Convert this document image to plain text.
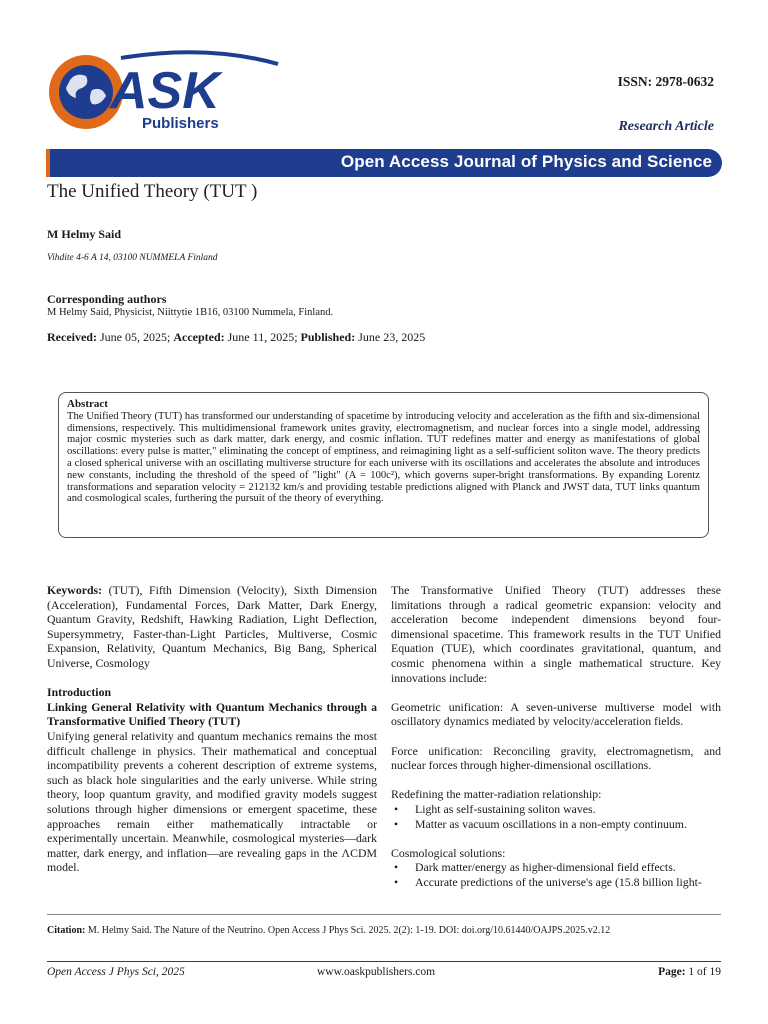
ASK
Publishers
ISSN: 2978-0632
Research Article
Open Access Journal of Physics and Science
The Unified Theory (TUT )
M Helmy Said
Vihdite 4-6 A 14, 03100 NUMMELA Finland
Corresponding authors
M Helmy Said, Physicist, Niittytie 1B16, 03100 Nummela, Finland.
Received: June 05, 2025; Accepted: June 11, 2025; Published: June 23, 2025
Abstract
The Unified Theory (TUT) has transformed our understanding of spacetime by introducing velocity and acceleration as the fifth and six-dimensional dimensions, respectively. This multidimensional framework unites gravity, electromagnetism, and nuclear forces into a single model, addressing major cosmic mysteries such as dark matter, dark energy, and cosmic inflation. TUT redefines matter and energy as manifestations of global oscillations: every pulse is matter," eliminating the concept of emptiness, and reimagining light as a self-sufficient soliton wave. The theory predicts a closed spherical universe with an oscillating multiverse structure for each universe with its oscillations and accelerates the absolute and introduces new constants, including the threshold of the speed of "light" (A = 100c²), which governs super-bright transformations. By expanding Lorentz transformations and separation velocity = 212132 km/s and providing testable predictions aligned with Planck and JWST data, TUT links quantum and cosmological scales, furthering the pursuit of the theory of everything.

Keywords: (TUT), Fifth Dimension (Velocity), Sixth Dimension (Acceleration), Fundamental Forces, Dark Matter, Dark Energy, Quantum Gravity, Redshift, Hawking Radiation, Light Deflection, Supersymmetry, Faster-than-Light Particles, Multiverse, Cosmic Expansion, Relativity, Quantum Mechanics, Big Bang, Spherical Universe, Cosmology

Introduction
Linking General Relativity with Quantum Mechanics through a Transformative Unified Theory (TUT)

Unifying general relativity and quantum mechanics remains the most difficult challenge in physics. Their mathematical and conceptual incompatibility prevents a coherent description of extreme systems, such as black hole singularities and the early universe. While string theory, loop quantum gravity, and modified gravity models suggest solutions through higher dimensions or emergent spacetime, these approaches remain either mathematically intractable or experimentally uncertain. Meanwhile, cosmological mysteries—dark matter, dark energy, and inflation—are revealing gaps in the ΛCDM model.

The Transformative Unified Theory (TUT) addresses these limitations through a radical geometric expansion: velocity and acceleration become independent dimensions beyond four-dimensional spacetime. This framework results in the TUT Unified Equation (TUE), which coordinates gravitational, quantum, and cosmic phenomena within a single mathematical structure. Key innovations include:

Geometric unification: A seven-universe multiverse model with oscillatory dynamics mediated by velocity/acceleration fields.

Force unification: Reconciling gravity, electromagnetism, and nuclear forces through higher-dimensional oscillations.

Redefining the matter-radiation relationship:

• Light as self-sustaining soliton waves.
• Matter as vacuum oscillations in a non-empty continuum.

Cosmological solutions:

• Dark matter/energy as higher-dimensional field effects.
• Accurate predictions of the universe's age (15.8 billion light-
Citation: M. Helmy Said. The Nature of the Neutrino. Open Access J Phys Sci. 2025. 2(2): 1-19. DOI: doi.org/10.61440/OAJPS.2025.v2.12
Open Access J Phys Sci, 2025	www.oaskpublishers.com	Page: 1 of 19
